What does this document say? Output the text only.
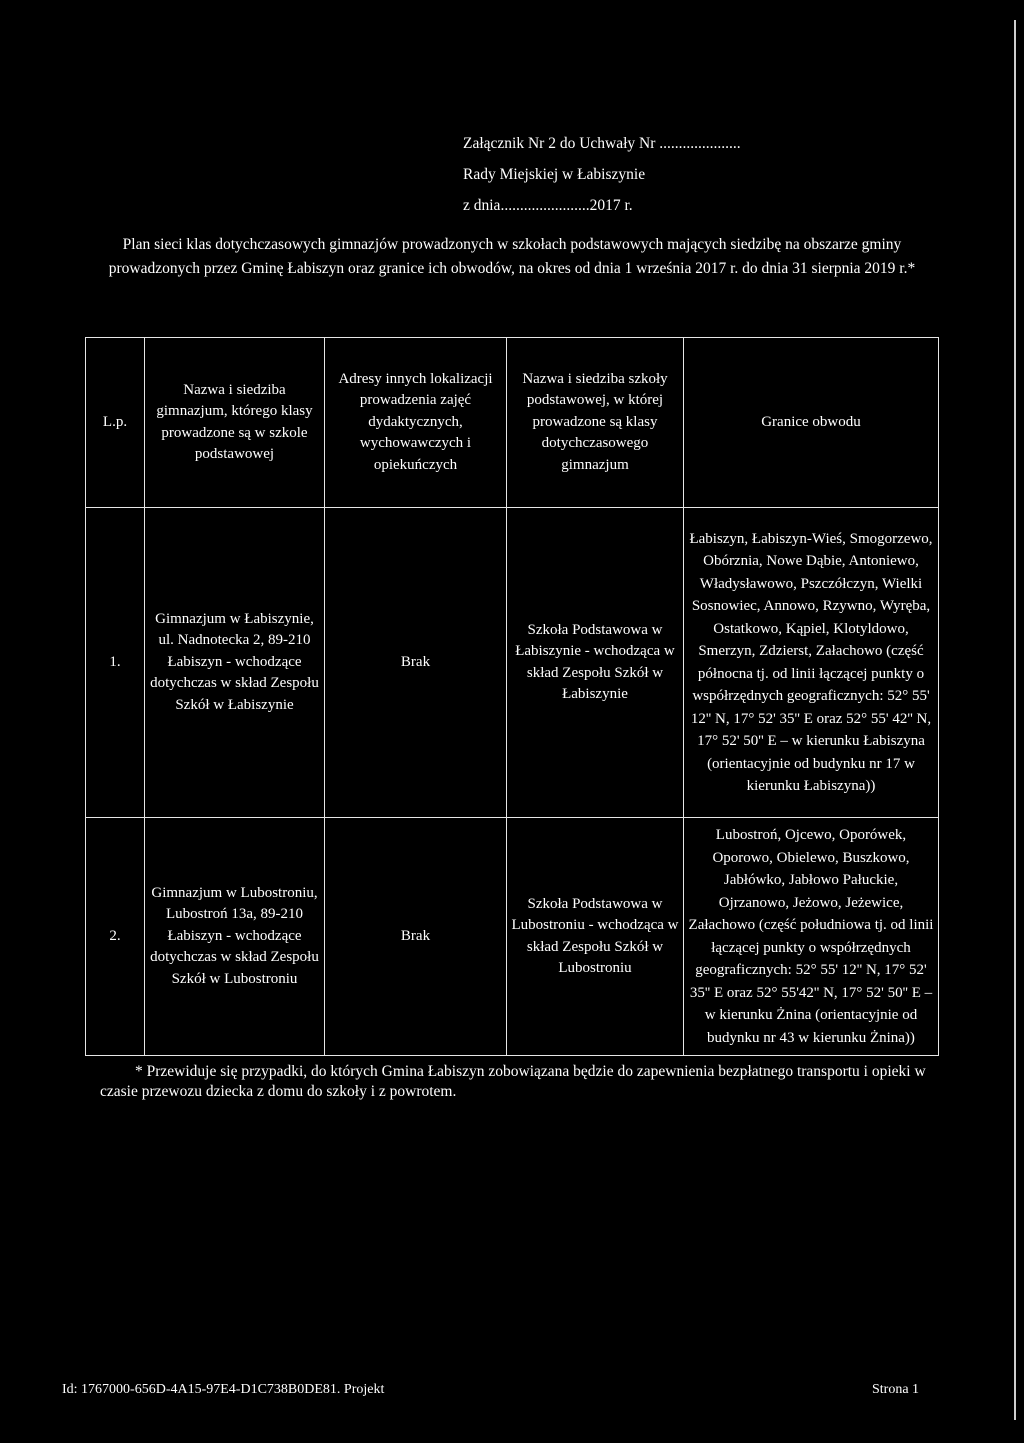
Załącznik Nr 2 do Uchwały Nr .....................
Rady Miejskiej w Łabiszynie
z dnia.......................2017 r.
Plan sieci klas dotychczasowych gimnazjów prowadzonych w szkołach podstawowych mających siedzibę na obszarze gminy prowadzonych przez Gminę Łabiszyn oraz granice ich obwodów, na okres od dnia 1 września 2017 r. do dnia 31 sierpnia 2019 r.*
L.p.	Nazwa i siedziba gimnazjum, którego klasy prowadzone są w szkole podstawowej	Adresy innych lokalizacji prowadzenia zajęć dydaktycznych, wychowawczych i opiekuńczych	Nazwa i siedziba szkoły podstawowej, w której prowadzone są klasy dotychczasowego gimnazjum	Granice obwodu
1.	Gimnazjum w Łabiszynie, ul. Nadnotecka 2, 89-210 Łabiszyn - wchodzące dotychczas w skład Zespołu Szkół w Łabiszynie	Brak	Szkoła Podstawowa w Łabiszynie - wchodząca w skład Zespołu Szkół w Łabiszynie	Łabiszyn, Łabiszyn-Wieś, Smogorzewo, Obórznia, Nowe Dąbie, Antoniewo, Władysławowo, Pszczółczyn, Wielki Sosnowiec, Annowo, Rzywno, Wyręba, Ostatkowo, Kąpiel, Klotyldowo, Smerzyn, Zdzierst, Załachowo (część północna tj. od linii łączącej punkty o współrzędnych geograficznych: 52° 55' 12'' N, 17° 52' 35'' E oraz 52° 55' 42'' N, 17° 52' 50'' E – w kierunku Łabiszyna (orientacyjnie od budynku nr 17 w kierunku Łabiszyna))
2.	Gimnazjum w Lubostroniu, Lubostroń 13a, 89-210 Łabiszyn - wchodzące dotychczas w skład Zespołu Szkół w Lubostroniu	Brak	Szkoła Podstawowa w Lubostroniu - wchodząca w skład Zespołu Szkół w Lubostroniu	Lubostroń, Ojcewo, Oporówek, Oporowo, Obielewo, Buszkowo, Jabłówko, Jabłowo Pałuckie, Ojrzanowo, Jeżowo, Jeżewice, Załachowo (część południowa tj. od linii łączącej punkty o współrzędnych geograficznych: 52° 55' 12'' N, 17° 52' 35'' E oraz 52° 55'42'' N, 17° 52' 50'' E – w kierunku Żnina (orientacyjnie od budynku nr 43 w kierunku Żnina))
* Przewiduje się przypadki, do których Gmina Łabiszyn zobowiązana będzie do zapewnienia bezpłatnego transportu i opieki w czasie przewozu dziecka z domu do szkoły i z powrotem.
Id: 1767000-656D-4A15-97E4-D1C738B0DE81. Projekt	Strona 1
